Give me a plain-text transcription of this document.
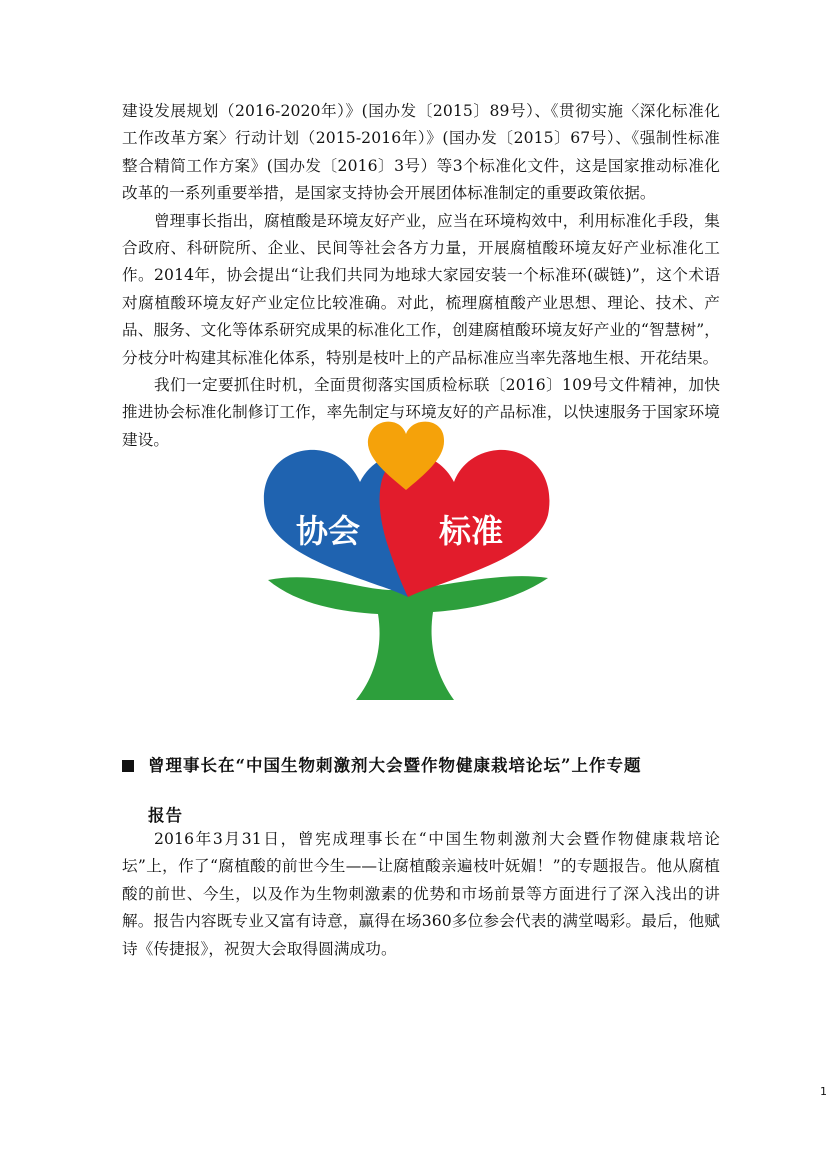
建设发展规划（2016-2020年）》(国办发〔2015〕89号）、《贯彻实施〈深化标准化工作改革方案〉行动计划（2015-2016年）》(国办发〔2015〕67号）、《强制性标准整合精简工作方案》(国办发〔2016〕3号）等3个标准化文件，这是国家推动标准化改革的一系列重要举措，是国家支持协会开展团体标准制定的重要政策依据。

曾理事长指出，腐植酸是环境友好产业，应当在环境构效中，利用标准化手段，集合政府、科研院所、企业、民间等社会各方力量，开展腐植酸环境友好产业标准化工作。2014年，协会提出“让我们共同为地球大家园安装一个标准环(碳链)”，这个术语对腐植酸环境友好产业定位比较准确。对此，梳理腐植酸产业思想、理论、技术、产品、服务、文化等体系研究成果的标准化工作，创建腐植酸环境友好产业的“智慧树”，分枝分叶构建其标准化体系，特别是枝叶上的产品标准应当率先落地生根、开花结果。

我们一定要抓住时机，全面贯彻落实国质检标联〔2016〕109号文件精神，加快推进协会标准化制修订工作，率先制定与环境友好的产品标准，以快速服务于国家环境建设。

协会 标准
曾理事长在“中国生物刺激剂大会暨作物健康栽培论坛”上作专题
报告

2016年3月31日，曾宪成理事长在“中国生物刺激剂大会暨作物健康栽培论坛”上，作了“腐植酸的前世今生——让腐植酸亲遍枝叶妩媚！”的专题报告。他从腐植酸的前世、今生，以及作为生物刺激素的优势和市场前景等方面进行了深入浅出的讲解。报告内容既专业又富有诗意，赢得在场360多位参会代表的满堂喝彩。最后，他赋诗《传捷报》，祝贺大会取得圆满成功。

1
